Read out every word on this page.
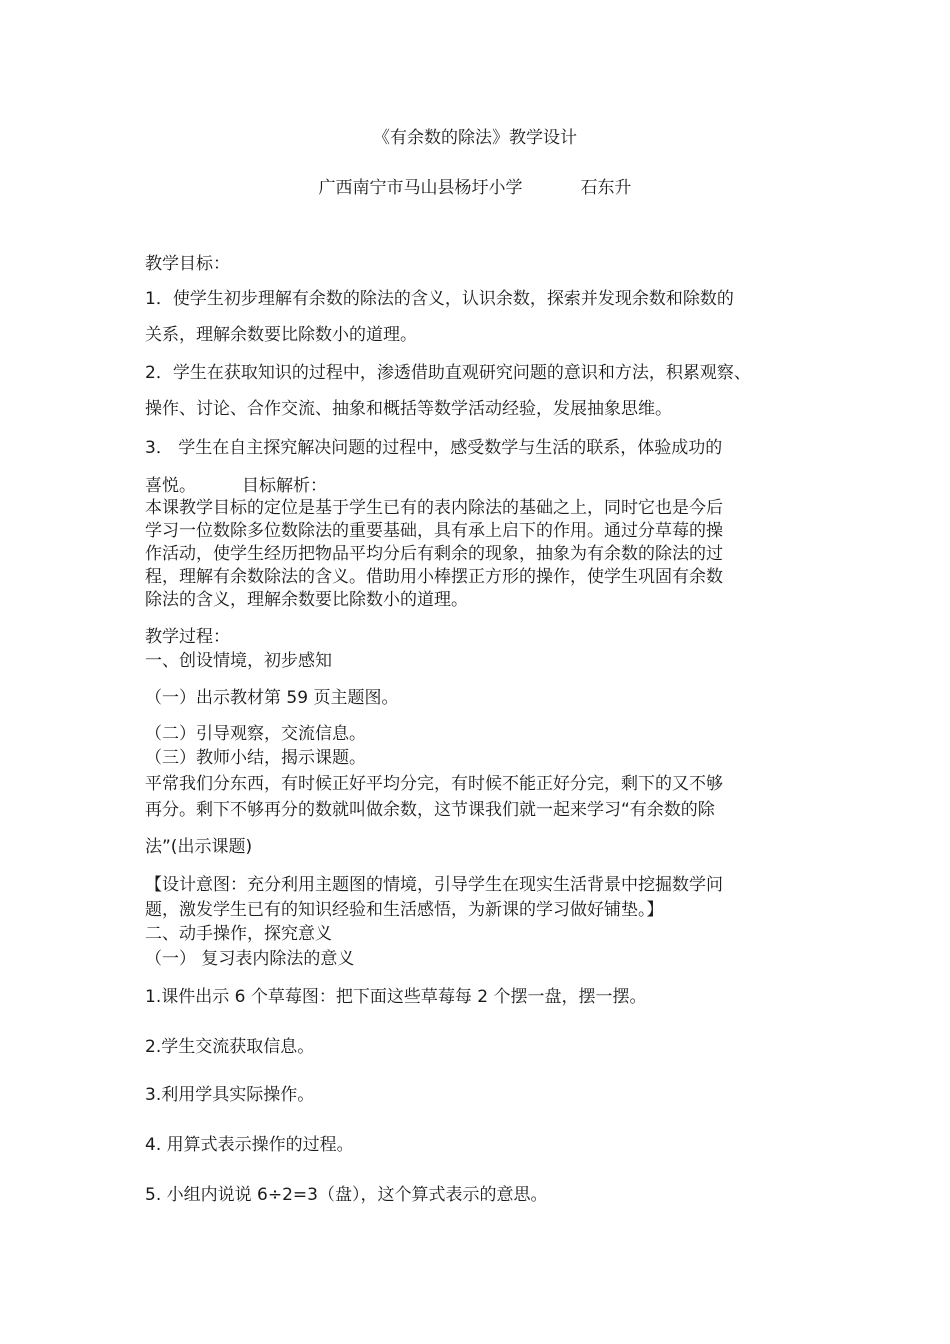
《有余数的除法》教学设计
广西南宁市马山县杨圩小学	石东升
教学目标：
1．使学生初步理解有余数的除法的含义，认识余数，探索并发现余数和除数的
关系，理解余数要比除数小的道理。
2．学生在获取知识的过程中，渗透借助直观研究问题的意识和方法，积累观察、
操作、讨论、合作交流、抽象和概括等数学活动经验，发展抽象思维。
3． 学生在自主探究解决问题的过程中，感受数学与生活的联系，体验成功的
喜悦。	目标解析：
本课教学目标的定位是基于学生已有的表内除法的基础之上，同时它也是今后
学习一位数除多位数除法的重要基础，具有承上启下的作用。通过分草莓的操
作活动，使学生经历把物品平均分后有剩余的现象，抽象为有余数的除法的过
程，理解有余数除法的含义。借助用小棒摆正方形的操作，使学生巩固有余数
除法的含义，理解余数要比除数小的道理。
教学过程：
一、创设情境，初步感知
（一）出示教材第 59 页主题图。
（二）引导观察，交流信息。
（三）教师小结，揭示课题。
平常我们分东西，有时候正好平均分完，有时候不能正好分完，剩下的又不够
再分。剩下不够再分的数就叫做余数，这节课我们就一起来学习“有余数的除
法”(出示课题)
【设计意图：充分利用主题图的情境，引导学生在现实生活背景中挖掘数学问
题，激发学生已有的知识经验和生活感悟，为新课的学习做好铺垫。】
二、动手操作，探究意义
（一） 复习表内除法的意义
1.课件出示 6 个草莓图：把下面这些草莓每 2 个摆一盘，摆一摆。
2.学生交流获取信息。
3.利用学具实际操作。
4. 用算式表示操作的过程。
5. 小组内说说 6÷2=3（盘），这个算式表示的意思。
